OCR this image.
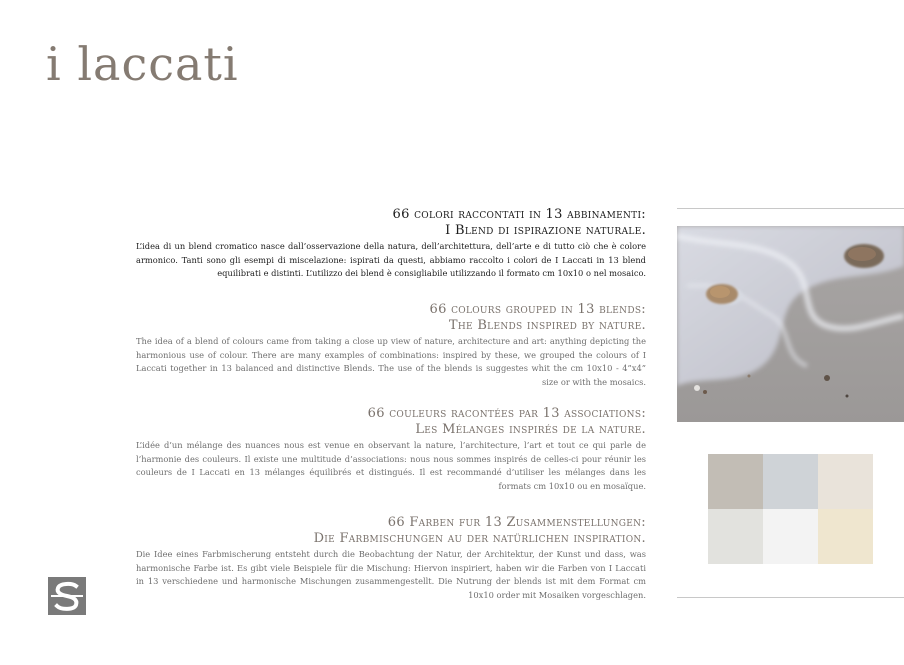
i laccati
66 colori raccontati in 13 abbinamenti:
I Blend di ispirazione naturale.
L’idea di un blend cromatico nasce dall’osservazione della natura, dell’architettura, dell’arte e di tutto ciò che è colore armonico. Tanti sono gli esempi di miscelazione: ispirati da questi, abbiamo raccolto i colori de I Laccati in 13 blend equilibrati e distinti. L’utilizzo dei blend è consigliabile utilizzando il formato cm 10x10 o nel mosaico.
66 colours grouped in 13 blends:
The Blends inspired by nature.
The idea of a blend of colours came from taking a close up view of nature, architecture and art: anything depicting the harmonious use of colour. There are many examples of combinations: inspired by these, we grouped the colours of I Laccati together in 13 balanced and distinctive Blends. The use of the blends is suggestes whit the cm 10x10 - 4”x4” size or with the mosaics.
66 couleurs racontées par 13 associations:
Les Mélanges inspirés de la nature.
L’idée d’un mélange des nuances nous est venue en observant la nature, l’architecture, l’art et tout ce qui parle de l’harmonie des couleurs. Il existe une multitude d’associations: nous nous sommes inspirés de celles-ci pour réunir les couleurs de I Laccati en 13 mélanges équilibrés et distingués. Il est recommandé d’utiliser les mélanges dans les formats cm 10x10 ou en mosaïque.
66 Farben fur 13 Zusammenstellungen:
Die Farbmischungen au der natürlichen inspiration.
Die Idee eines Farbmischerung entsteht durch die Beobachtung der Natur, der Architektur, der Kunst und dass, was harmonische Farbe ist. Es gibt viele Beispiele für die Mischung: Hiervon inspiriert, haben wir die Farben von I Laccati in 13 verschiedene und harmonische Mischungen zusammengestellt. Die Nutrung der blends ist mit dem Format cm 10x10 order mit Mosaiken vorgeschlagen.
